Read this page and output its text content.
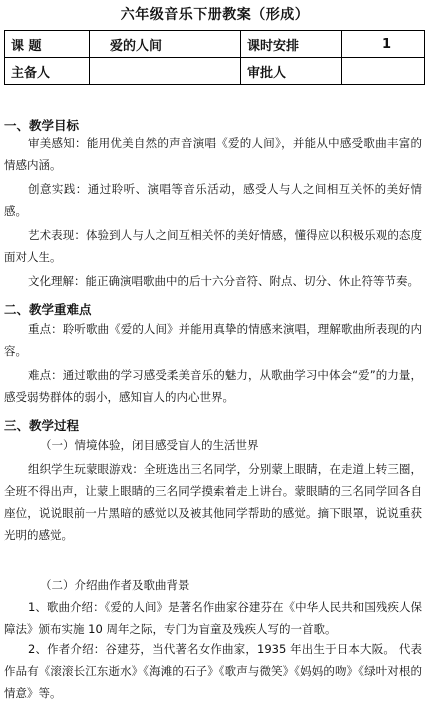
六年级音乐下册教案（形成）
课 题	爱的人间	课时安排	1
主备人		审批人	
一、教学目标
审美感知：能用优美自然的声音演唱《爱的人间》，并能从中感受歌曲丰富的情感内涵。
创意实践：通过聆听、演唱等音乐活动，感受人与人之间相互关怀的美好情感。
艺术表现：体验到人与人之间互相关怀的美好情感，懂得应以积极乐观的态度面对人生。
文化理解：能正确演唱歌曲中的后十六分音符、附点、切分、休止符等节奏。
二、教学重难点
重点：聆听歌曲《爱的人间》并能用真挚的情感来演唱，理解歌曲所表现的内容。
难点：通过歌曲的学习感受柔美音乐的魅力，从歌曲学习中体会“爱”的力量，感受弱势群体的弱小，感知盲人的内心世界。
三、教学过程
（一）情境体验，闭目感受盲人的生活世界
组织学生玩蒙眼游戏：全班选出三名同学，分别蒙上眼睛，在走道上转三圈，全班不得出声，让蒙上眼睛的三名同学摸索着走上讲台。蒙眼睛的三名同学回各自座位，说说眼前一片黑暗的感觉以及被其他同学帮助的感觉。摘下眼罩，说说重获光明的感觉。
（二）介绍曲作者及歌曲背景
1、歌曲介绍：《爱的人间》是著名作曲家谷建芬在《中华人民共和国残疾人保障法》颁布实施 10 周年之际，专门为盲童及残疾人写的一首歌。
2、作者介绍：谷建芬，当代著名女作曲家，1935 年出生于日本大阪。 代表作品有《滚滚长江东逝水》《海滩的石子》《歌声与微笑》《妈妈的吻》《绿叶对根的情意》等。
